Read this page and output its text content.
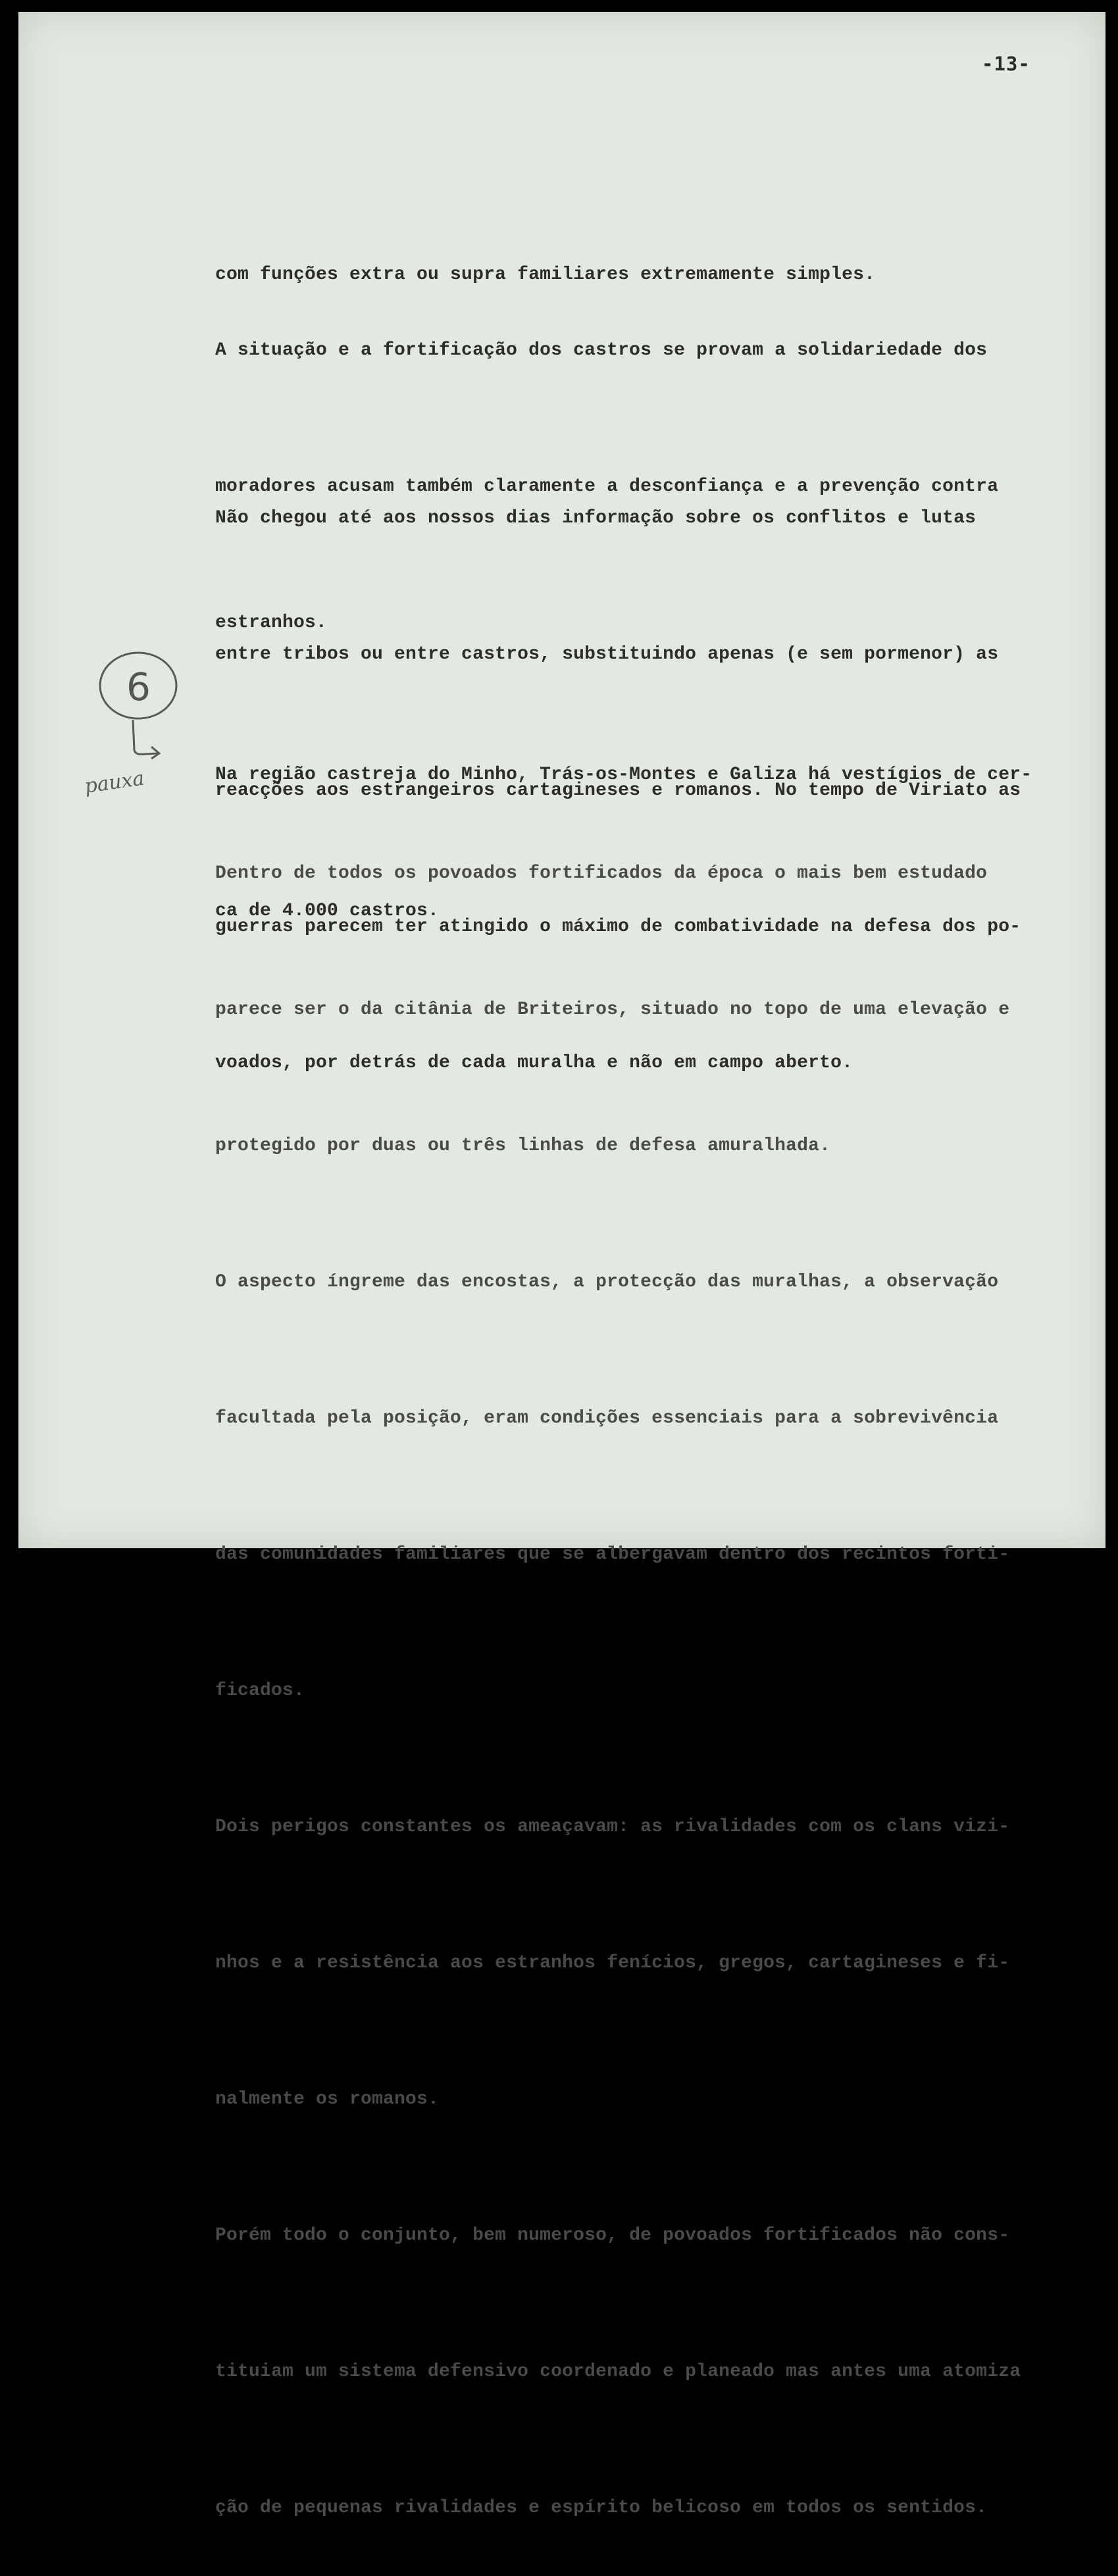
-13-

com funções extra ou supra familiares extremamente simples.

A situação e a fortificação dos castros se provam a solidariedade dos

moradores acusam também claramente a desconfiança e a prevenção contra

estranhos.

Não chegou até aos nossos dias informação sobre os conflitos e lutas

entre tribos ou entre castros, substituindo apenas (e sem pormenor) as

reacções aos estrangeiros cartagineses e romanos. No tempo de Viriato as

guerras parecem ter atingido o máximo de combatividade na defesa dos po-

voados, por detrás de cada muralha e não em campo aberto.

Na região castreja do Minho, Trás-os-Montes e Galiza há vestígios de cer-

ca de 4.000 castros.

Dentro de todos os povoados fortificados da época o mais bem estudado

parece ser o da citânia de Briteiros, situado no topo de uma elevação e

protegido por duas ou três linhas de defesa amuralhada.

O aspecto íngreme das encostas, a protecção das muralhas, a observação

facultada pela posição, eram condições essenciais para a sobrevivência

das comunidades familiares que se albergavam dentro dos recintos forti-

ficados.

Dois perigos constantes os ameaçavam: as rivalidades com os clans vizi-

nhos e a resistência aos estranhos fenícios, gregos, cartagineses e fi-

nalmente os romanos.

Porém todo o conjunto, bem numeroso, de povoados fortificados não cons-

tituiam um sistema defensivo coordenado e planeado mas antes uma atomiza

ção de pequenas rivalidades e espírito belicoso em todos os sentidos.

6
pauxa
